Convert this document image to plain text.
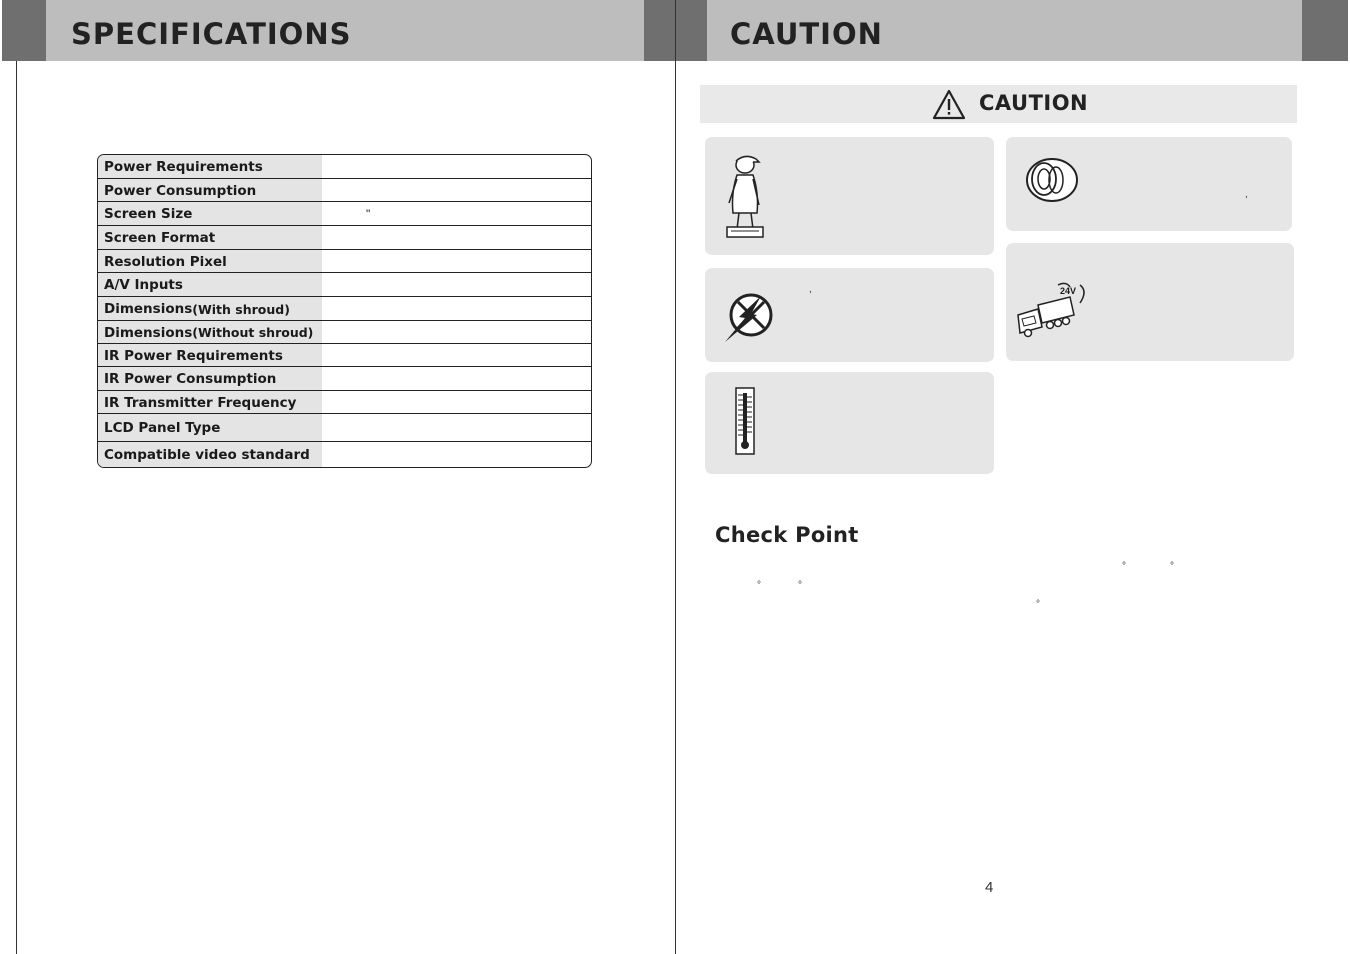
SPECIFICATIONS
Power Requirements
Power Consumption
Screen Size	"
Screen Format
Resolution Pixel
A/V Inputs
Dimensions (With shroud)
Dimensions (Without shroud)
IR Power Requirements
IR Power Consumption
IR Transmitter Frequency
LCD Panel Type
Compatible video standard
CAUTION
CAUTION
,
,	24V
Check Point
°	°
°	°
°
4
